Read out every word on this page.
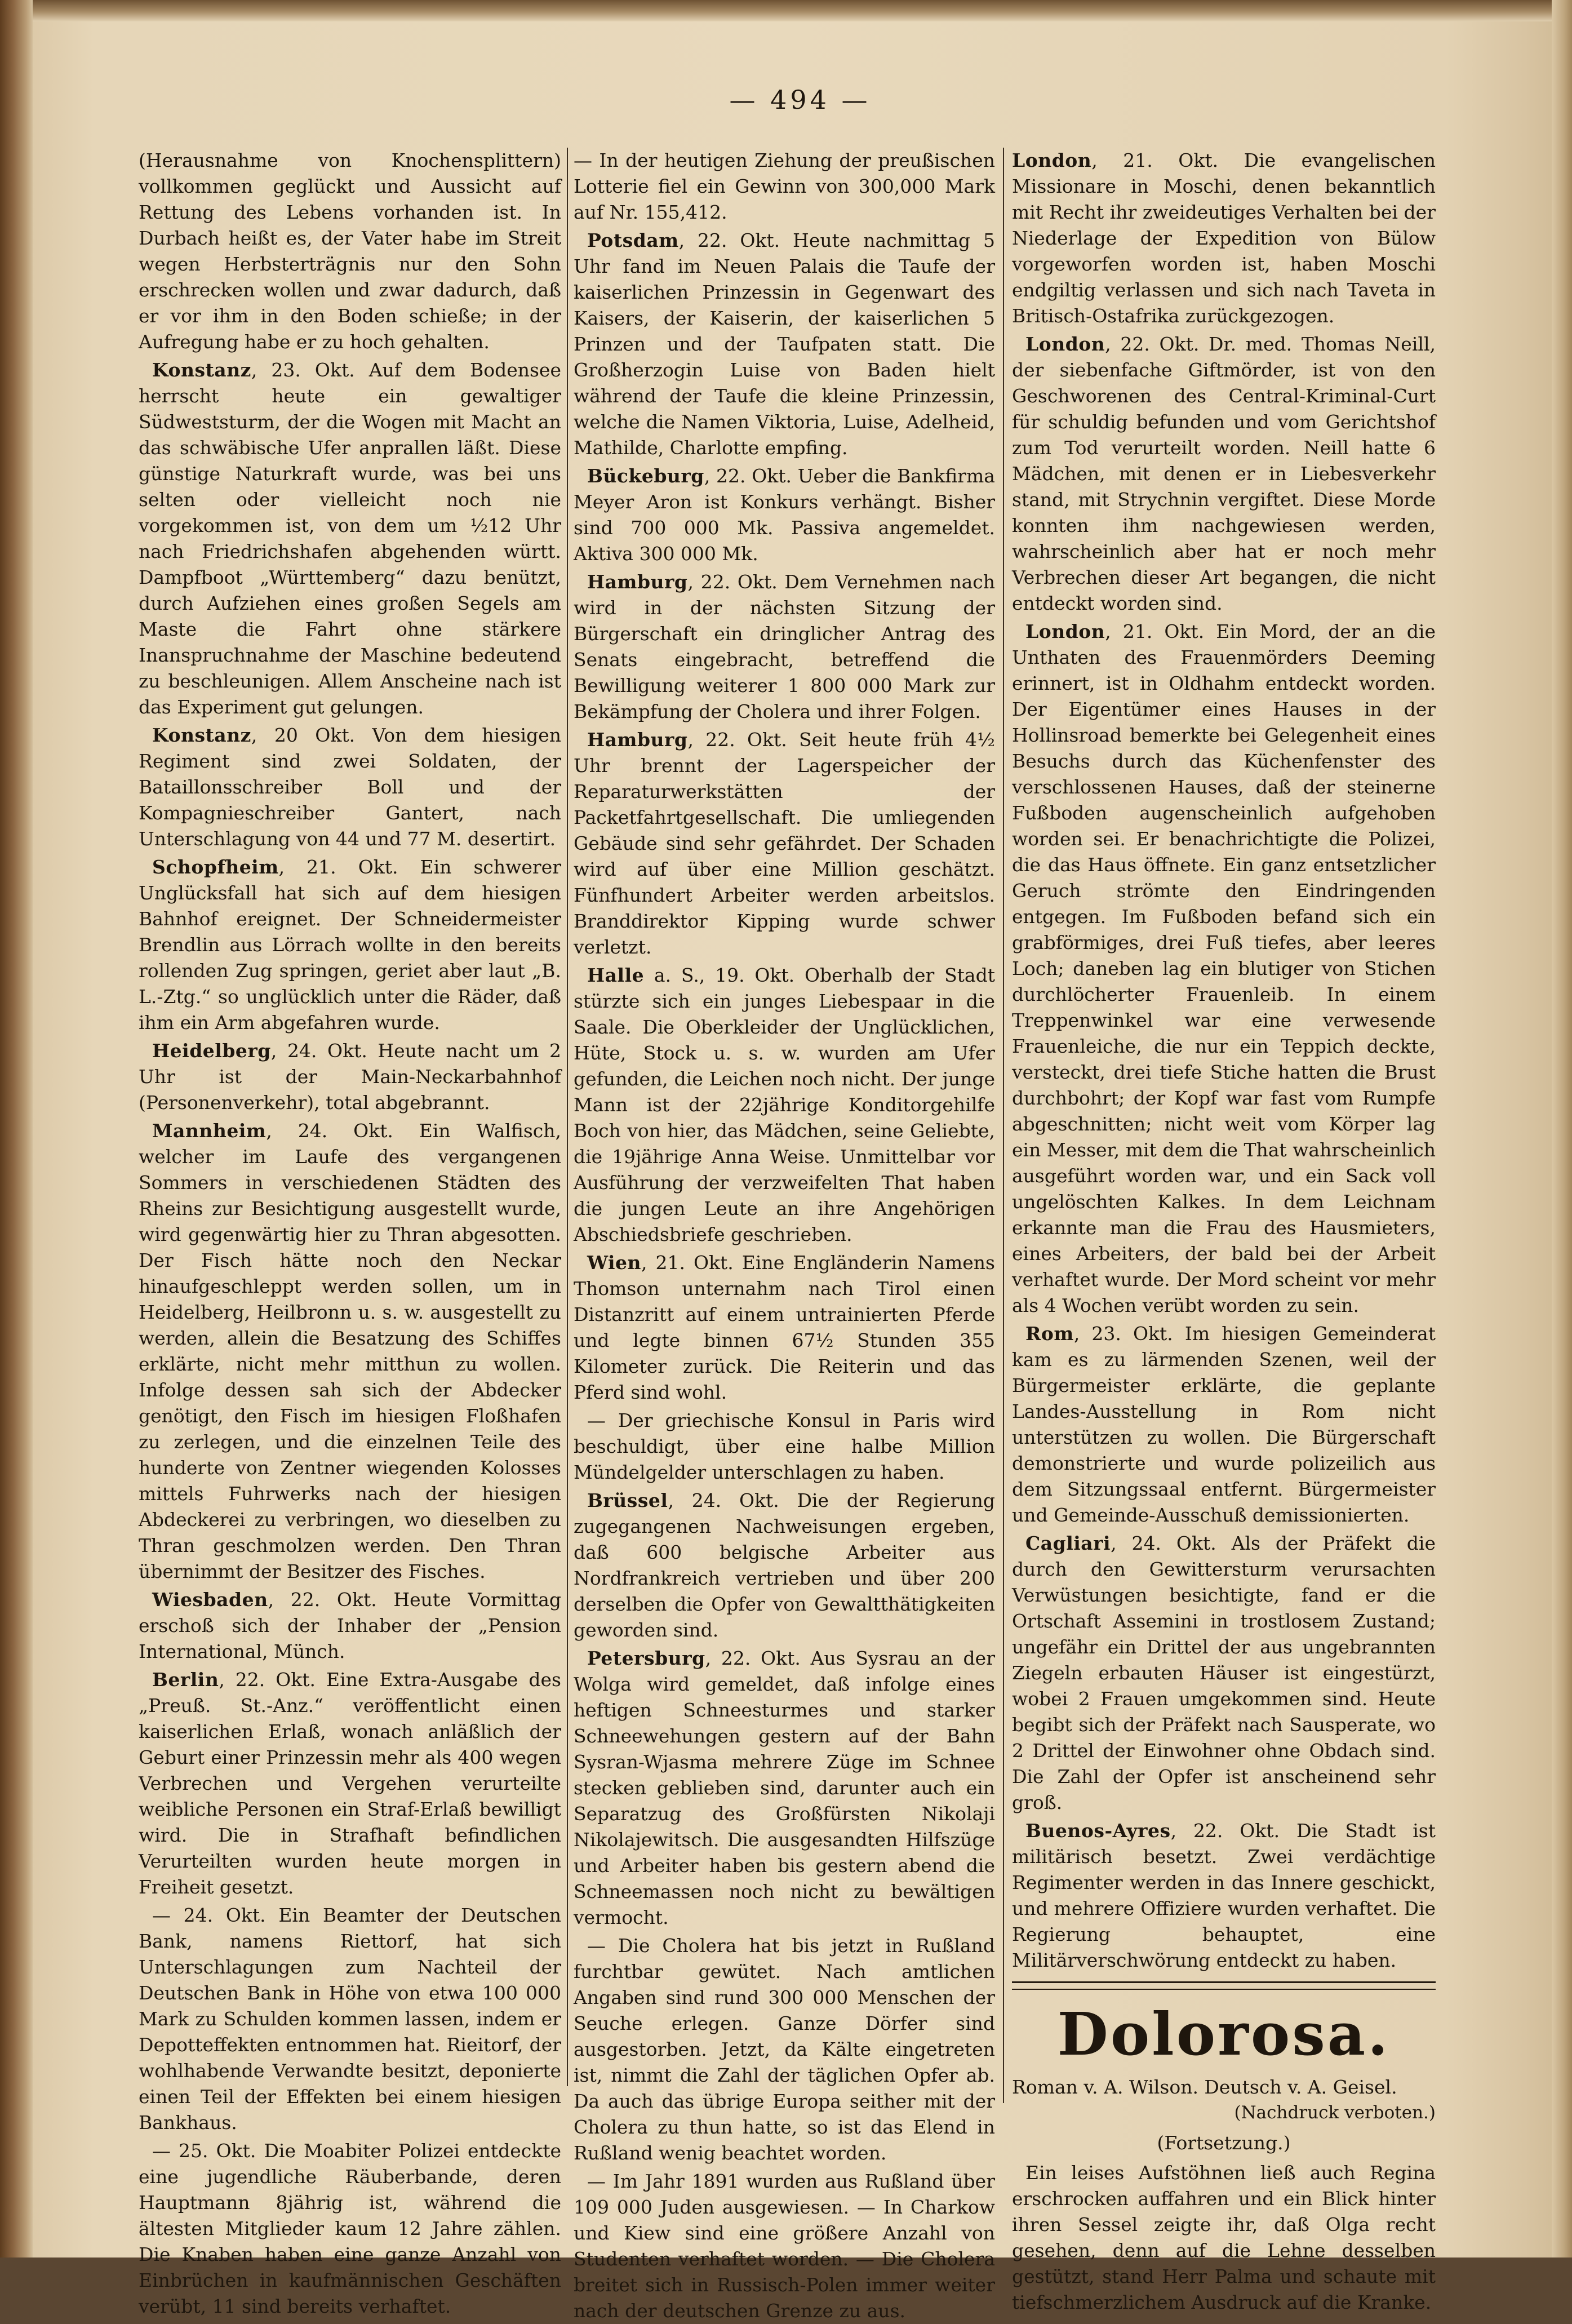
— 494 —

(Herausnahme von Knochensplittern) vollkommen geglückt und Aussicht auf Rettung des Lebens vorhanden ist. In Durbach heißt es, der Vater habe im Streit wegen Herbsterträgnis nur den Sohn erschrecken wollen und zwar dadurch, daß er vor ihm in den Boden schieße; in der Aufregung habe er zu hoch gehalten.

Konstanz, 23. Okt. Auf dem Bodensee herrscht heute ein gewaltiger Südweststurm, der die Wogen mit Macht an das schwäbische Ufer anprallen läßt. Diese günstige Naturkraft wurde, was bei uns selten oder vielleicht noch nie vorgekommen ist, von dem um ½12 Uhr nach Friedrichshafen abgehenden württ. Dampfboot „Württemberg“ dazu benützt, durch Aufziehen eines großen Segels am Maste die Fahrt ohne stärkere Inanspruchnahme der Maschine bedeutend zu beschleunigen. Allem Anscheine nach ist das Experiment gut gelungen.

Konstanz, 20 Okt. Von dem hiesigen Regiment sind zwei Soldaten, der Bataillonsschreiber Boll und der Kompagnieschreiber Gantert, nach Unterschlagung von 44 und 77 M. desertirt.

Schopfheim, 21. Okt. Ein schwerer Unglücksfall hat sich auf dem hiesigen Bahnhof ereignet. Der Schneidermeister Brendlin aus Lörrach wollte in den bereits rollenden Zug springen, geriet aber laut „B. L.-Ztg.“ so unglücklich unter die Räder, daß ihm ein Arm abgefahren wurde.

Heidelberg, 24. Okt. Heute nacht um 2 Uhr ist der Main-Neckarbahnhof (Personenverkehr), total abgebrannt.

Mannheim, 24. Okt. Ein Walfisch, welcher im Laufe des vergangenen Sommers in verschiedenen Städten des Rheins zur Besichtigung ausgestellt wurde, wird gegenwärtig hier zu Thran abgesotten. Der Fisch hätte noch den Neckar hinaufgeschleppt werden sollen, um in Heidelberg, Heilbronn u. s. w. ausgestellt zu werden, allein die Besatzung des Schiffes erklärte, nicht mehr mitthun zu wollen. Infolge dessen sah sich der Abdecker genötigt, den Fisch im hiesigen Floßhafen zu zerlegen, und die einzelnen Teile des hunderte von Zentner wiegenden Kolosses mittels Fuhrwerks nach der hiesigen Abdeckerei zu verbringen, wo dieselben zu Thran geschmolzen werden. Den Thran übernimmt der Besitzer des Fisches.

Wiesbaden, 22. Okt. Heute Vormittag erschoß sich der Inhaber der „Pension International, Münch.

Berlin, 22. Okt. Eine Extra-Ausgabe des „Preuß. St.-Anz.“ veröffentlicht einen kaiserlichen Erlaß, wonach anläßlich der Geburt einer Prinzessin mehr als 400 wegen Verbrechen und Vergehen verurteilte weibliche Personen ein Straf-Erlaß bewilligt wird. Die in Strafhaft befindlichen Verurteilten wurden heute morgen in Freiheit gesetzt.

— 24. Okt. Ein Beamter der Deutschen Bank, namens Riettorf, hat sich Unterschlagungen zum Nachteil der Deutschen Bank in Höhe von etwa 100 000 Mark zu Schulden kommen lassen, indem er Depotteffekten entnommen hat. Rieitorf, der wohlhabende Verwandte besitzt, deponierte einen Teil der Effekten bei einem hiesigen Bankhaus.

— 25. Okt. Die Moabiter Polizei entdeckte eine jugendliche Räuberbande, deren Hauptmann 8jährig ist, während die ältesten Mitglieder kaum 12 Jahre zählen. Die Knaben haben eine ganze Anzahl von Einbrüchen in kaufmännischen Geschäften verübt, 11 sind bereits verhaftet.

— In der heutigen Ziehung der preußischen Lotterie fiel ein Gewinn von 300,000 Mark auf Nr. 155,412.

Potsdam, 22. Okt. Heute nachmittag 5 Uhr fand im Neuen Palais die Taufe der kaiserlichen Prinzessin in Gegenwart des Kaisers, der Kaiserin, der kaiserlichen 5 Prinzen und der Taufpaten statt. Die Großherzogin Luise von Baden hielt während der Taufe die kleine Prinzessin, welche die Namen Viktoria, Luise, Adelheid, Mathilde, Charlotte empfing.

Bückeburg, 22. Okt. Ueber die Bankfirma Meyer Aron ist Konkurs verhängt. Bisher sind 700 000 Mk. Passiva angemeldet. Aktiva 300 000 Mk.

Hamburg, 22. Okt. Dem Vernehmen nach wird in der nächsten Sitzung der Bürgerschaft ein dringlicher Antrag des Senats eingebracht, betreffend die Bewilligung weiterer 1 800 000 Mark zur Bekämpfung der Cholera und ihrer Folgen.

Hamburg, 22. Okt. Seit heute früh 4½ Uhr brennt der Lagerspeicher der Reparaturwerkstätten der Packetfahrtgesellschaft. Die umliegenden Gebäude sind sehr gefährdet. Der Schaden wird auf über eine Million geschätzt. Fünfhundert Arbeiter werden arbeitslos. Branddirektor Kipping wurde schwer verletzt.

Halle a. S., 19. Okt. Oberhalb der Stadt stürzte sich ein junges Liebespaar in die Saale. Die Oberkleider der Unglücklichen, Hüte, Stock u. s. w. wurden am Ufer gefunden, die Leichen noch nicht. Der junge Mann ist der 22jährige Konditorgehilfe Boch von hier, das Mädchen, seine Geliebte, die 19jährige Anna Weise. Unmittelbar vor Ausführung der verzweifelten That haben die jungen Leute an ihre Angehörigen Abschiedsbriefe geschrieben.

Wien, 21. Okt. Eine Engländerin Namens Thomson unternahm nach Tirol einen Distanzritt auf einem untrainierten Pferde und legte binnen 67½ Stunden 355 Kilometer zurück. Die Reiterin und das Pferd sind wohl.

— Der griechische Konsul in Paris wird beschuldigt, über eine halbe Million Mündelgelder unterschlagen zu haben.

Brüssel, 24. Okt. Die der Regierung zugegangenen Nachweisungen ergeben, daß 600 belgische Arbeiter aus Nordfrankreich vertrieben und über 200 derselben die Opfer von Gewaltthätigkeiten geworden sind.

Petersburg, 22. Okt. Aus Sysrau an der Wolga wird gemeldet, daß infolge eines heftigen Schneesturmes und starker Schneewehungen gestern auf der Bahn Sysran-Wjasma mehrere Züge im Schnee stecken geblieben sind, darunter auch ein Separatzug des Großfürsten Nikolaji Nikolajewitsch. Die ausgesandten Hilfszüge und Arbeiter haben bis gestern abend die Schneemassen noch nicht zu bewältigen vermocht.

— Die Cholera hat bis jetzt in Rußland furchtbar gewütet. Nach amtlichen Angaben sind rund 300 000 Menschen der Seuche erlegen. Ganze Dörfer sind ausgestorben. Jetzt, da Kälte eingetreten ist, nimmt die Zahl der täglichen Opfer ab. Da auch das übrige Europa seither mit der Cholera zu thun hatte, so ist das Elend in Rußland wenig beachtet worden.

— Im Jahr 1891 wurden aus Rußland über 109 000 Juden ausgewiesen. — In Charkow und Kiew sind eine größere Anzahl von Studenten verhaftet worden. — Die Cholera breitet sich in Russisch-Polen immer weiter nach der deutschen Grenze zu aus.

London, 21. Okt. Die evangelischen Missionare in Moschi, denen bekanntlich mit Recht ihr zweideutiges Verhalten bei der Niederlage der Expedition von Bülow vorgeworfen worden ist, haben Moschi endgiltig verlassen und sich nach Taveta in Britisch-Ostafrika zurückgezogen.

London, 22. Okt. Dr. med. Thomas Neill, der siebenfache Giftmörder, ist von den Geschworenen des Central-Kriminal-Curt für schuldig befunden und vom Gerichtshof zum Tod verurteilt worden. Neill hatte 6 Mädchen, mit denen er in Liebesverkehr stand, mit Strychnin vergiftet. Diese Morde konnten ihm nachgewiesen werden, wahrscheinlich aber hat er noch mehr Verbrechen dieser Art begangen, die nicht entdeckt worden sind.

London, 21. Okt. Ein Mord, der an die Unthaten des Frauenmörders Deeming erinnert, ist in Oldhahm entdeckt worden. Der Eigentümer eines Hauses in der Hollinsroad bemerkte bei Gelegenheit eines Besuchs durch das Küchenfenster des verschlossenen Hauses, daß der steinerne Fußboden augenscheinlich aufgehoben worden sei. Er benachrichtigte die Polizei, die das Haus öffnete. Ein ganz entsetzlicher Geruch strömte den Eindringenden entgegen. Im Fußboden befand sich ein grabförmiges, drei Fuß tiefes, aber leeres Loch; daneben lag ein blutiger von Stichen durchlöcherter Frauenleib. In einem Treppenwinkel war eine verwesende Frauenleiche, die nur ein Teppich deckte, versteckt, drei tiefe Stiche hatten die Brust durchbohrt; der Kopf war fast vom Rumpfe abgeschnitten; nicht weit vom Körper lag ein Messer, mit dem die That wahrscheinlich ausgeführt worden war, und ein Sack voll ungelöschten Kalkes. In dem Leichnam erkannte man die Frau des Hausmieters, eines Arbeiters, der bald bei der Arbeit verhaftet wurde. Der Mord scheint vor mehr als 4 Wochen verübt worden zu sein.

Rom, 23. Okt. Im hiesigen Gemeinderat kam es zu lärmenden Szenen, weil der Bürgermeister erklärte, die geplante Landes-Ausstellung in Rom nicht unterstützen zu wollen. Die Bürgerschaft demonstrierte und wurde polizeilich aus dem Sitzungssaal entfernt. Bürgermeister und Gemeinde-Ausschuß demissionierten.

Cagliari, 24. Okt. Als der Präfekt die durch den Gewittersturm verursachten Verwüstungen besichtigte, fand er die Ortschaft Assemini in trostlosem Zustand; ungefähr ein Drittel der aus ungebrannten Ziegeln erbauten Häuser ist eingestürzt, wobei 2 Frauen umgekommen sind. Heute begibt sich der Präfekt nach Sausperate, wo 2 Drittel der Einwohner ohne Obdach sind. Die Zahl der Opfer ist anscheinend sehr groß.

Buenos-Ayres, 22. Okt. Die Stadt ist militärisch besetzt. Zwei verdächtige Regimenter werden in das Innere geschickt, und mehrere Offiziere wurden verhaftet. Die Regierung behauptet, eine Militärverschwörung entdeckt zu haben.

Dolorosa.
Roman v. A. Wilson. Deutsch v. A. Geisel.
(Nachdruck verboten.)
(Fortsetzung.)

Ein leises Aufstöhnen ließ auch Regina erschrocken auffahren und ein Blick hinter ihren Sessel zeigte ihr, daß Olga recht gesehen, denn auf die Lehne desselben gestützt, stand Herr Palma und schaute mit tiefschmerzlichem Ausdruck auf die Kranke.
